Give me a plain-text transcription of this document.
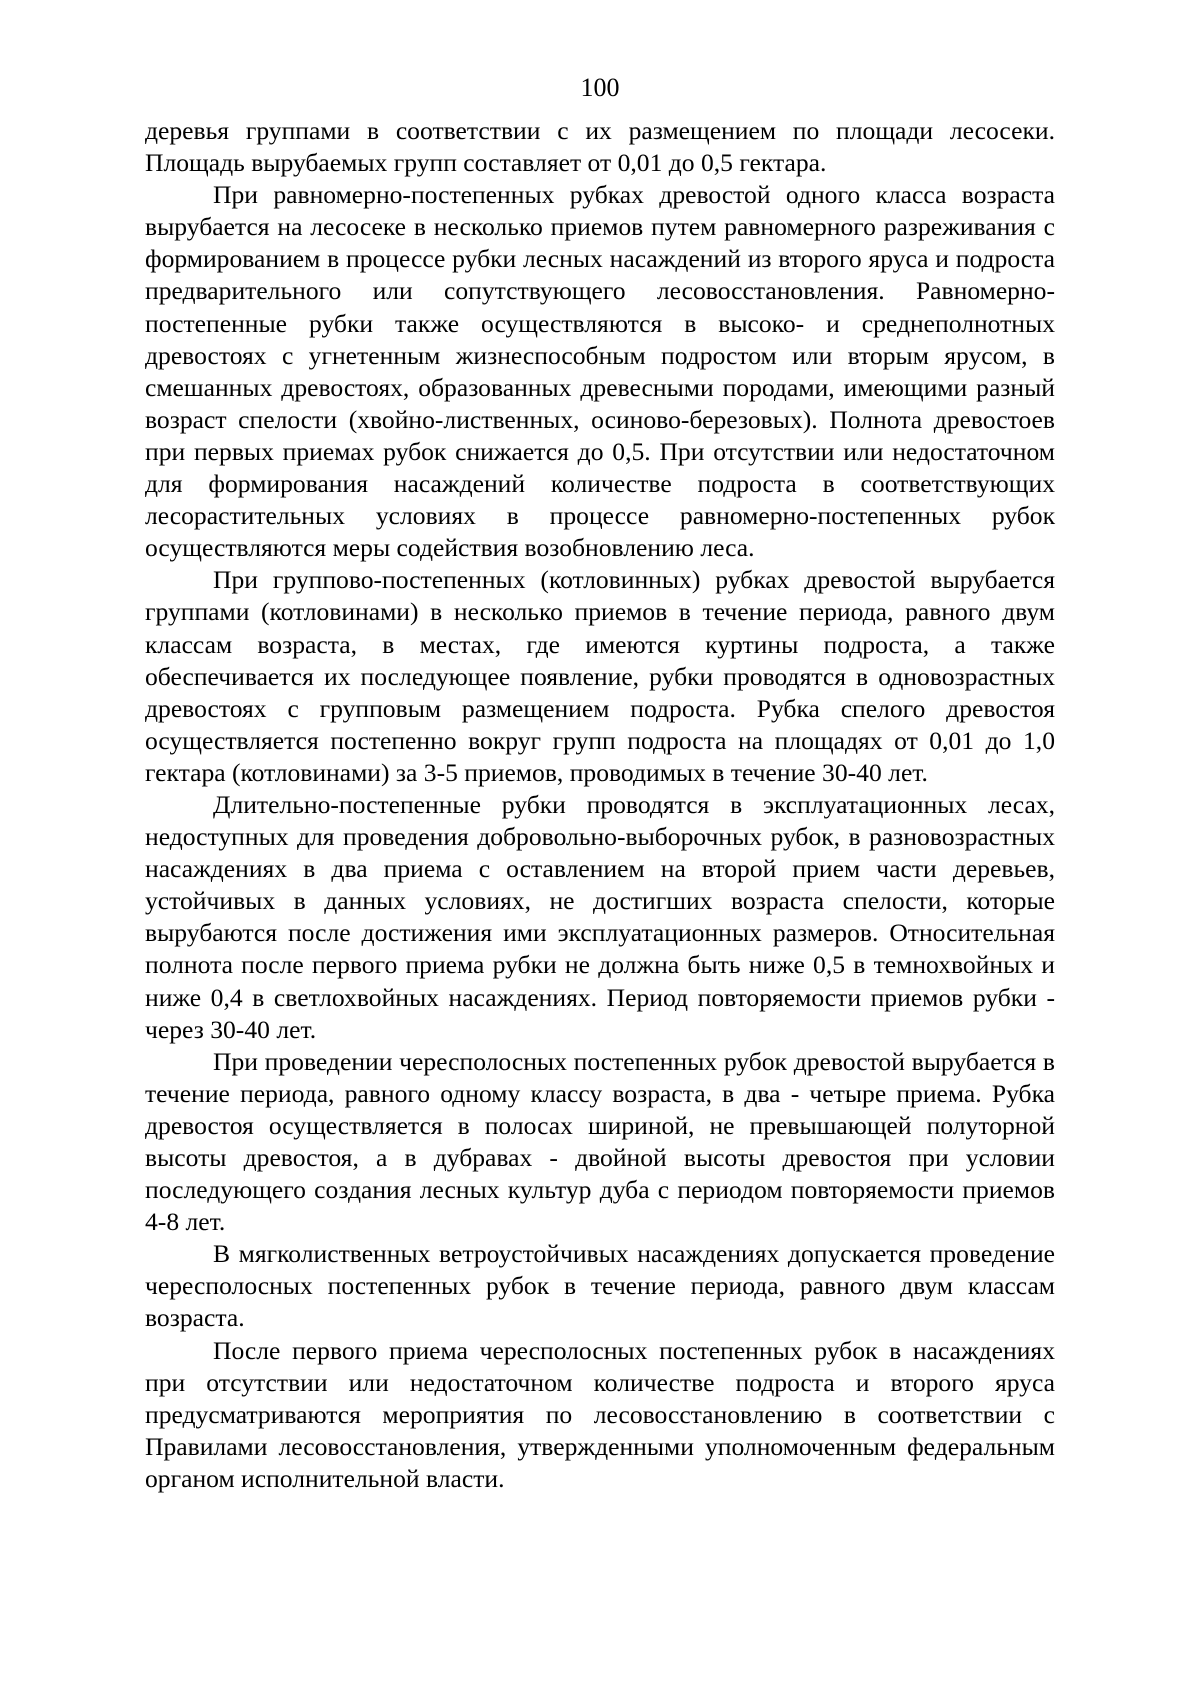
100

деревья группами в соответствии с их размещением по площади лесосеки. Площадь вырубаемых групп составляет от 0,01 до 0,5 гектара.

При равномерно-постепенных рубках древостой одного класса возраста вырубается на лесосеке в несколько приемов путем равномерного разреживания с формированием в процессе рубки лесных насаждений из второго яруса и подроста предварительного или сопутствующего лесовосстановления. Равномерно-постепенные рубки также осуществляются в высоко- и среднеполнотных древостоях с угнетенным жизнеспособным подростом или вторым ярусом, в смешанных древостоях, образованных древесными породами, имеющими разный возраст спелости (хвойно-лиственных, осиново-березовых). Полнота древостоев при первых приемах рубок снижается до 0,5. При отсутствии или недостаточном для формирования насаждений количестве подроста в соответствующих лесорастительных условиях в процессе равномерно-постепенных рубок осуществляются меры содействия возобновлению леса.

При группово-постепенных (котловинных) рубках древостой вырубается группами (котловинами) в несколько приемов в течение периода, равного двум классам возраста, в местах, где имеются куртины подроста, а также обеспечивается их последующее появление, рубки проводятся в одновозрастных древостоях с групповым размещением подроста. Рубка спелого древостоя осуществляется постепенно вокруг групп подроста на площадях от 0,01 до 1,0 гектара (котловинами) за 3-5 приемов, проводимых в течение 30-40 лет.

Длительно-постепенные рубки проводятся в эксплуатационных лесах, недоступных для проведения добровольно-выборочных рубок, в разновозрастных насаждениях в два приема с оставлением на второй прием части деревьев, устойчивых в данных условиях, не достигших возраста спелости, которые вырубаются после достижения ими эксплуатационных размеров. Относительная полнота после первого приема рубки не должна быть ниже 0,5 в темнохвойных и ниже 0,4 в светлохвойных насаждениях. Период повторяемости приемов рубки - через 30-40 лет.

При проведении чересполосных постепенных рубок древостой вырубается в течение периода, равного одному классу возраста, в два - четыре приема. Рубка древостоя осуществляется в полосах шириной, не превышающей полуторной высоты древостоя, а в дубравах - двойной высоты древостоя при условии последующего создания лесных культур дуба с периодом повторяемости приемов 4-8 лет.

В мягколиственных ветроустойчивых насаждениях допускается проведение чересполосных постепенных рубок в течение периода, равного двум классам возраста.

После первого приема чересполосных постепенных рубок в насаждениях при отсутствии или недостаточном количестве подроста и второго яруса предусматриваются мероприятия по лесовосстановлению в соответствии с Правилами лесовосстановления, утвержденными уполномоченным федеральным органом исполнительной власти.
